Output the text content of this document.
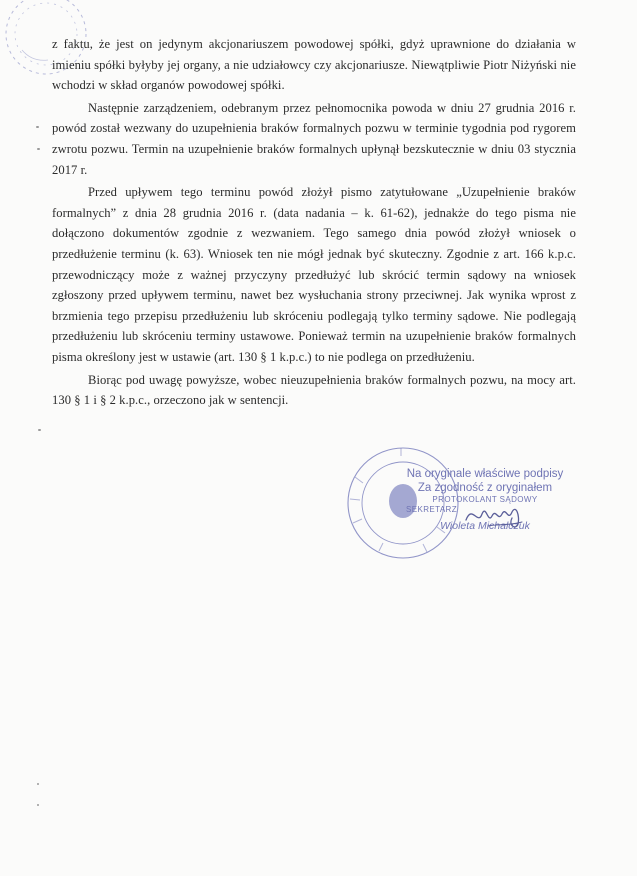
z faktu, że jest on jedynym akcjonariuszem powodowej spółki, gdyż uprawnione do działania w imieniu spółki byłyby jej organy, a nie udziałowcy czy akcjonariusze. Niewątpliwie Piotr Niżyński nie wchodzi w skład organów powodowej spółki.

Następnie zarządzeniem, odebranym przez pełnomocnika powoda w dniu 27 grudnia 2016 r. powód został wezwany do uzupełnienia braków formalnych pozwu w terminie tygodnia pod rygorem zwrotu pozwu. Termin na uzupełnienie braków formalnych upłynął bezskutecznie w dniu 03 stycznia 2017 r.

Przed upływem tego terminu powód złożył pismo zatytułowane „Uzupełnienie braków formalnych” z dnia 28 grudnia 2016 r. (data nadania – k. 61-62), jednakże do tego pisma nie dołączono dokumentów zgodnie z wezwaniem. Tego samego dnia powód złożył wniosek o przedłużenie terminu (k. 63). Wniosek ten nie mógł jednak być skuteczny. Zgodnie z art. 166 k.p.c. przewodniczący może z ważnej przyczyny przedłużyć lub skrócić termin sądowy na wniosek zgłoszony przed upływem terminu, nawet bez wysłuchania strony przeciwnej. Jak wynika wprost z brzmienia tego przepisu przedłużeniu lub skróceniu podlegają tylko terminy sądowe. Nie podlegają przedłużeniu lub skróceniu terminy ustawowe. Ponieważ termin na uzupełnienie braków formalnych pisma określony jest w ustawie (art. 130 § 1 k.p.c.) to nie podlega on przedłużeniu.

Biorąc pod uwagę powyższe, wobec nieuzupełnienia braków formalnych pozwu, na mocy art. 130 § 1 i § 2 k.p.c., orzeczono jak w sentencji.

Na oryginale właściwe podpisy
Za zgodność z oryginałem
PROTOKOLANT SĄDOWY
SEKRETARZ
Wioleta Michalczuk
